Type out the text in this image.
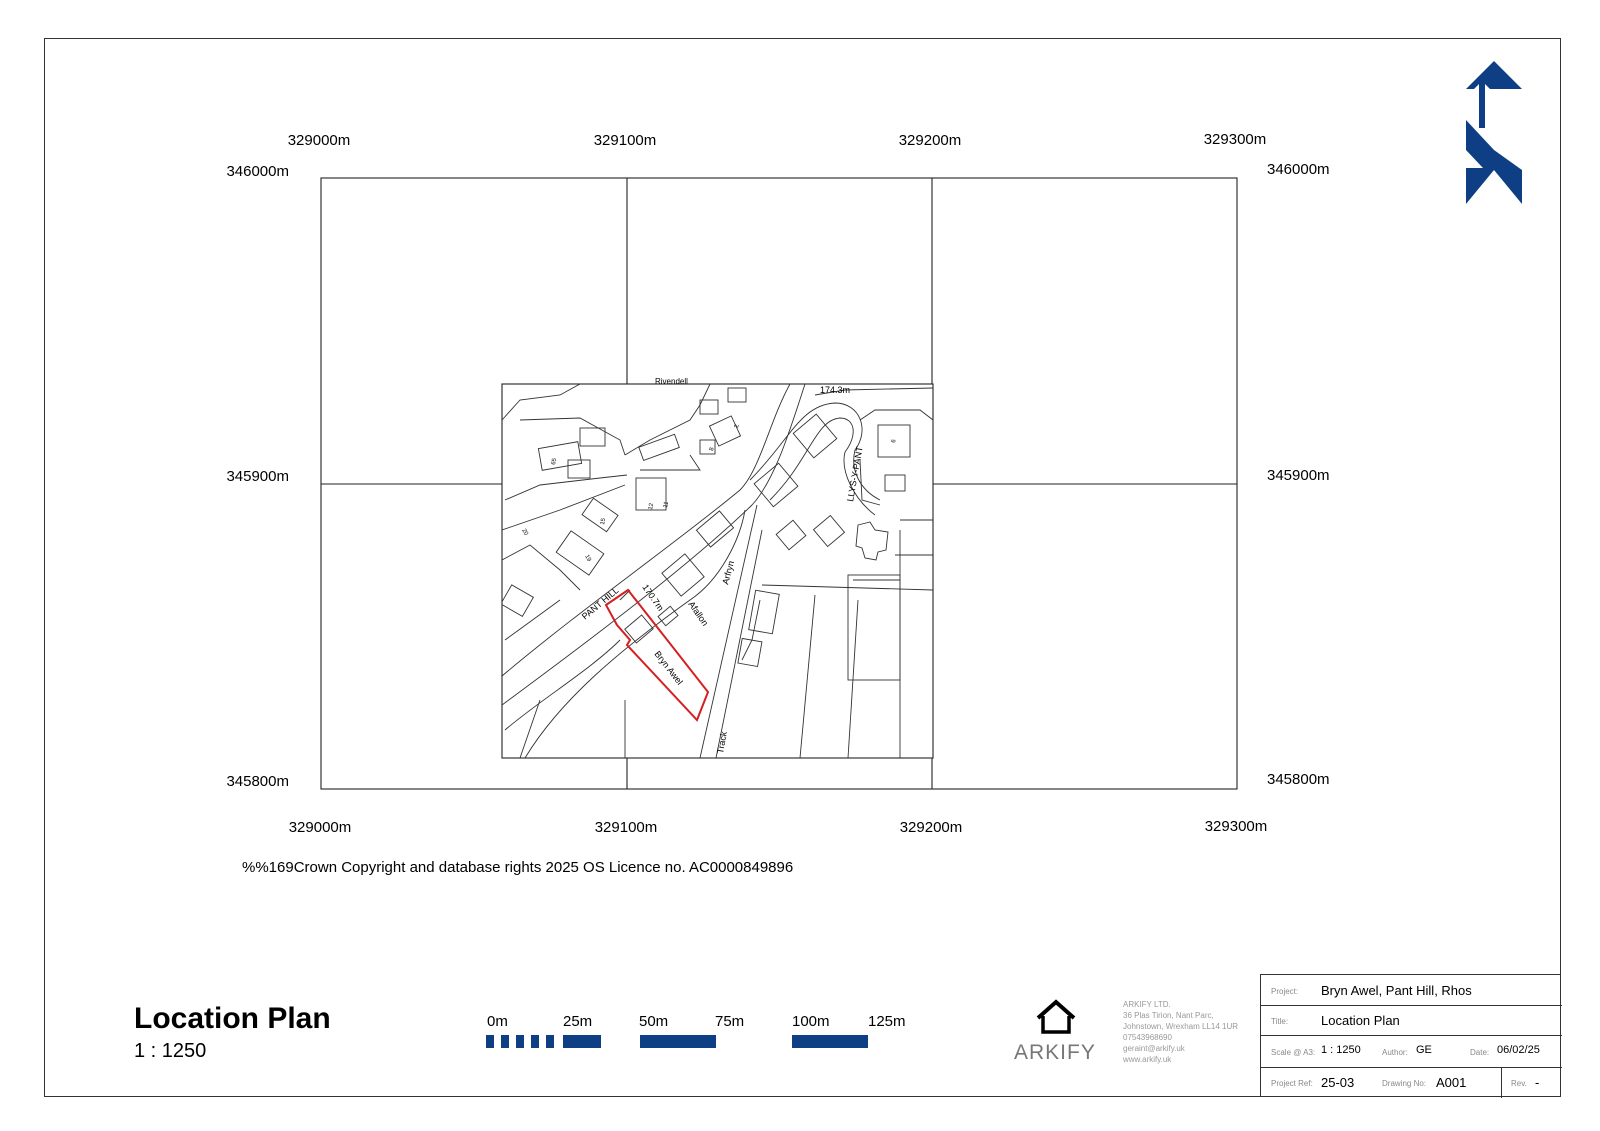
Rivendell
174.3m
PANT HILL
LLYS-Y-PANT
Track
170.7m
Afallon
Arfryn
Bryn Awel
65
8
2
12 11
20
15
19
6
329000m	329100m	329200m	329300m
329000m	329100m	329200m	329300m
346000m
345900m
345800m
346000m
345900m
345800m
%%169Crown Copyright and database rights 2025 OS Licence no. AC0000849896
Location Plan
1 : 1250
0m	25m	50m	75m	100m	125m
ARKIFY
ARKIFY LTD.
36 Plas Tirion, Nant Parc,
Johnstown, Wrexham LL14 1UR
07543968690
geraint@arkify.uk
www.arkify.uk
Project: Bryn Awel, Pant Hill, Rhos
Title:	Location Plan
Scale @ A3: 1 : 1250	Author: GE	Date: 06/02/25
Project Ref: 25-03	Drawing No: A001	Rev. -
